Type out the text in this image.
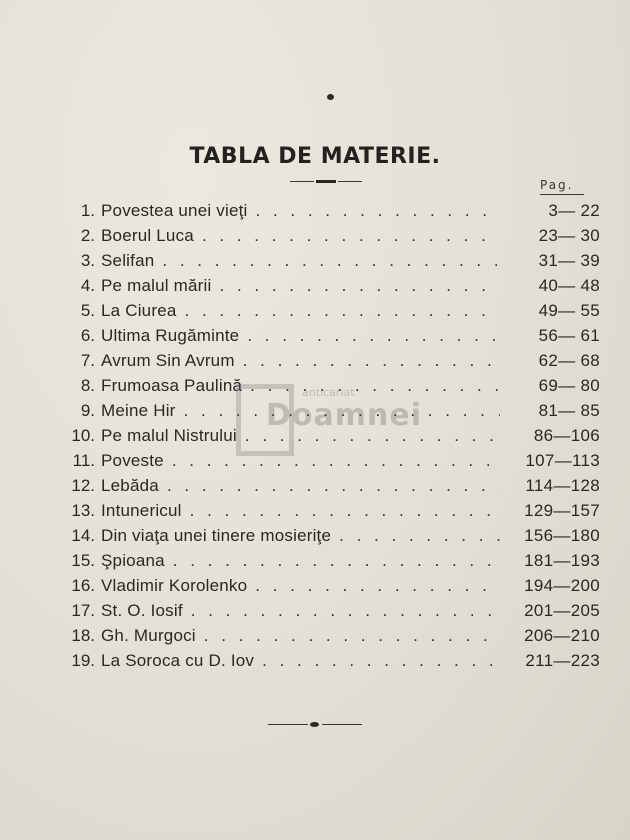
TABLA DE MATERIE.
Pag.
1. Povestea unei vieţi . . .	3— 22
2. Boerul Luca . . .	23— 30
3. Selifan . . .	31— 39
4. Pe malul mării . . .	40— 48
5. La Ciurea . . .	49— 55
6. Ultima Rugăminte . . .	56— 61
7. Avrum Sin Avrum . . .	62— 68
8. Frumoasa Paulină . . .	69— 80
9. Meine Hir . . .	81— 85
10. Pe malul Nistrului . . .	86—106
11. Poveste . . .	107—113
12. Lebăda . . .	114—128
13. Intunericul . . .	129—157
14. Din viaţa unei tinere mosieriţe . . .	156—180
15. Şpioana . . .	181—193
16. Vladimir Korolenko . . .	194—200
17. St. O. Iosif . . .	201—205
18. Gh. Murgoci . . .	206—210
19. La Soroca cu D. Iov . . .	211—223
anticariat
Doamnei
